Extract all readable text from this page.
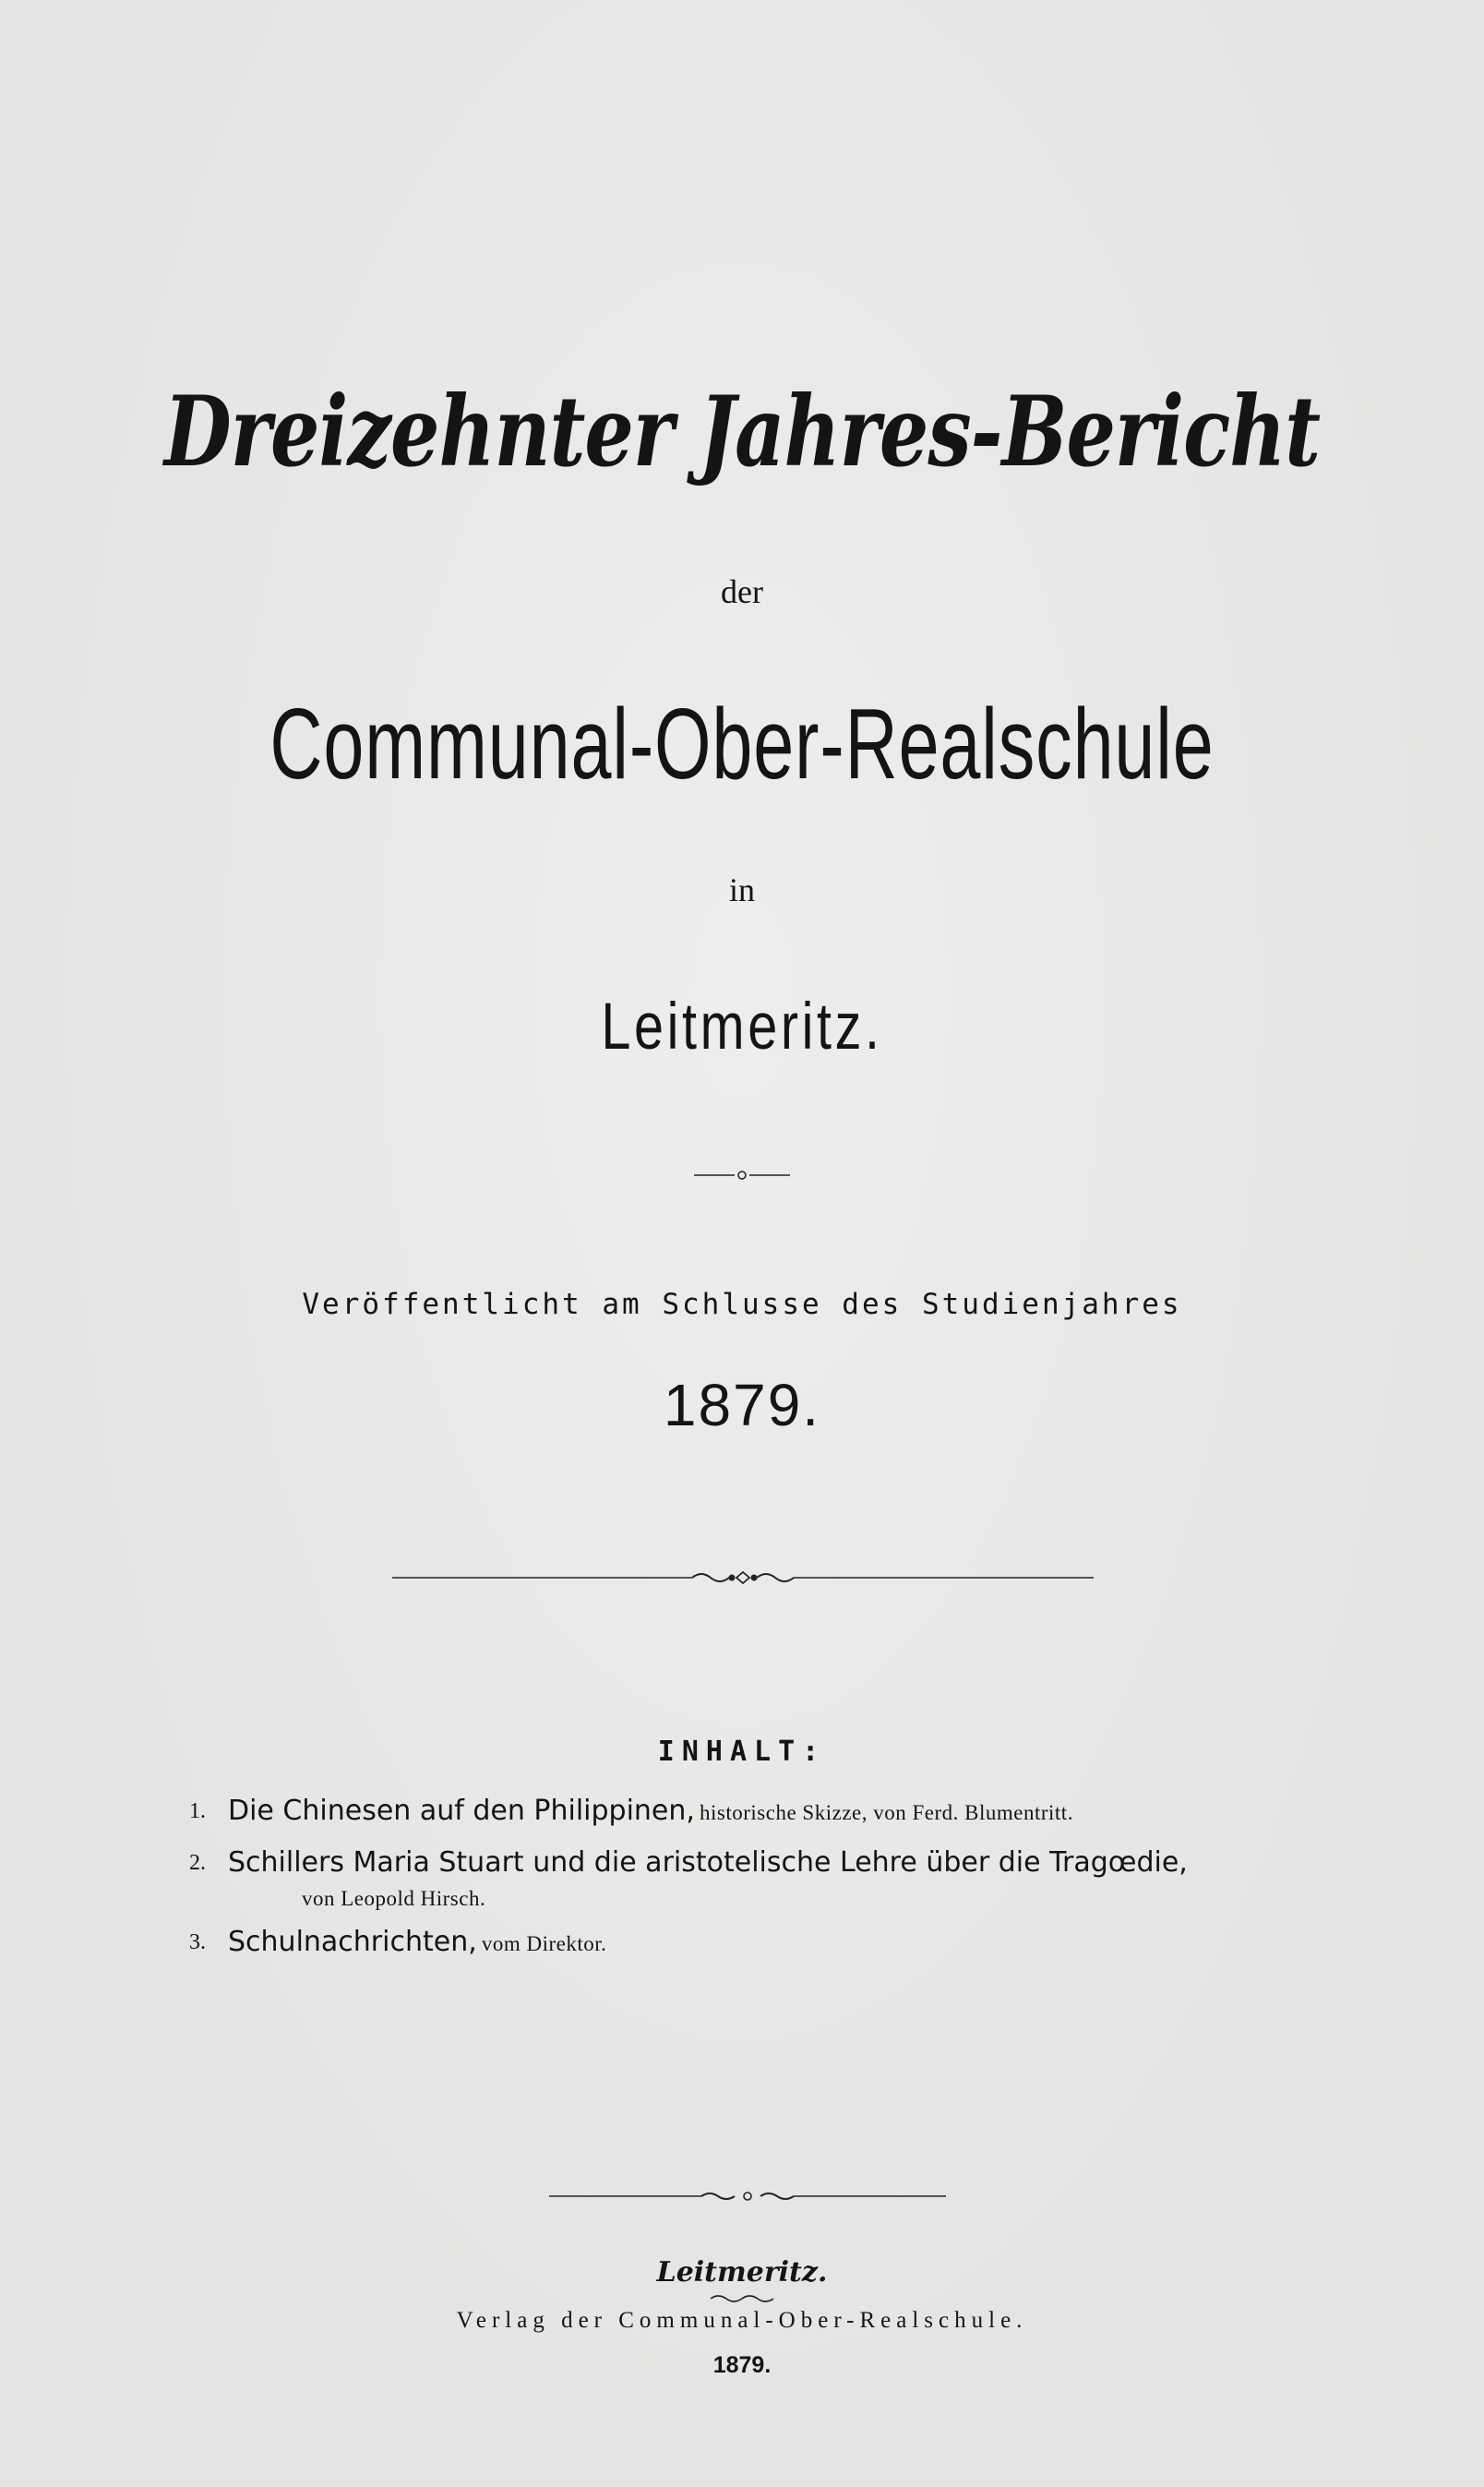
Dreizehnter Jahres-Bericht
der
Communal-Ober-Realschule
in
Leitmeritz.
Veröffentlicht am Schlusse des Studienjahres
1879.
INHALT:
1. Die Chinesen auf den Philippinen, historische Skizze, von Ferd. Blumentritt.
2. Schillers Maria Stuart und die aristotelische Lehre über die Tragœdie,
von Leopold Hirsch.
3. Schulnachrichten, vom Direktor.
Leitmeritz.
Verlag der Communal-Ober-Realschule.
1879.
